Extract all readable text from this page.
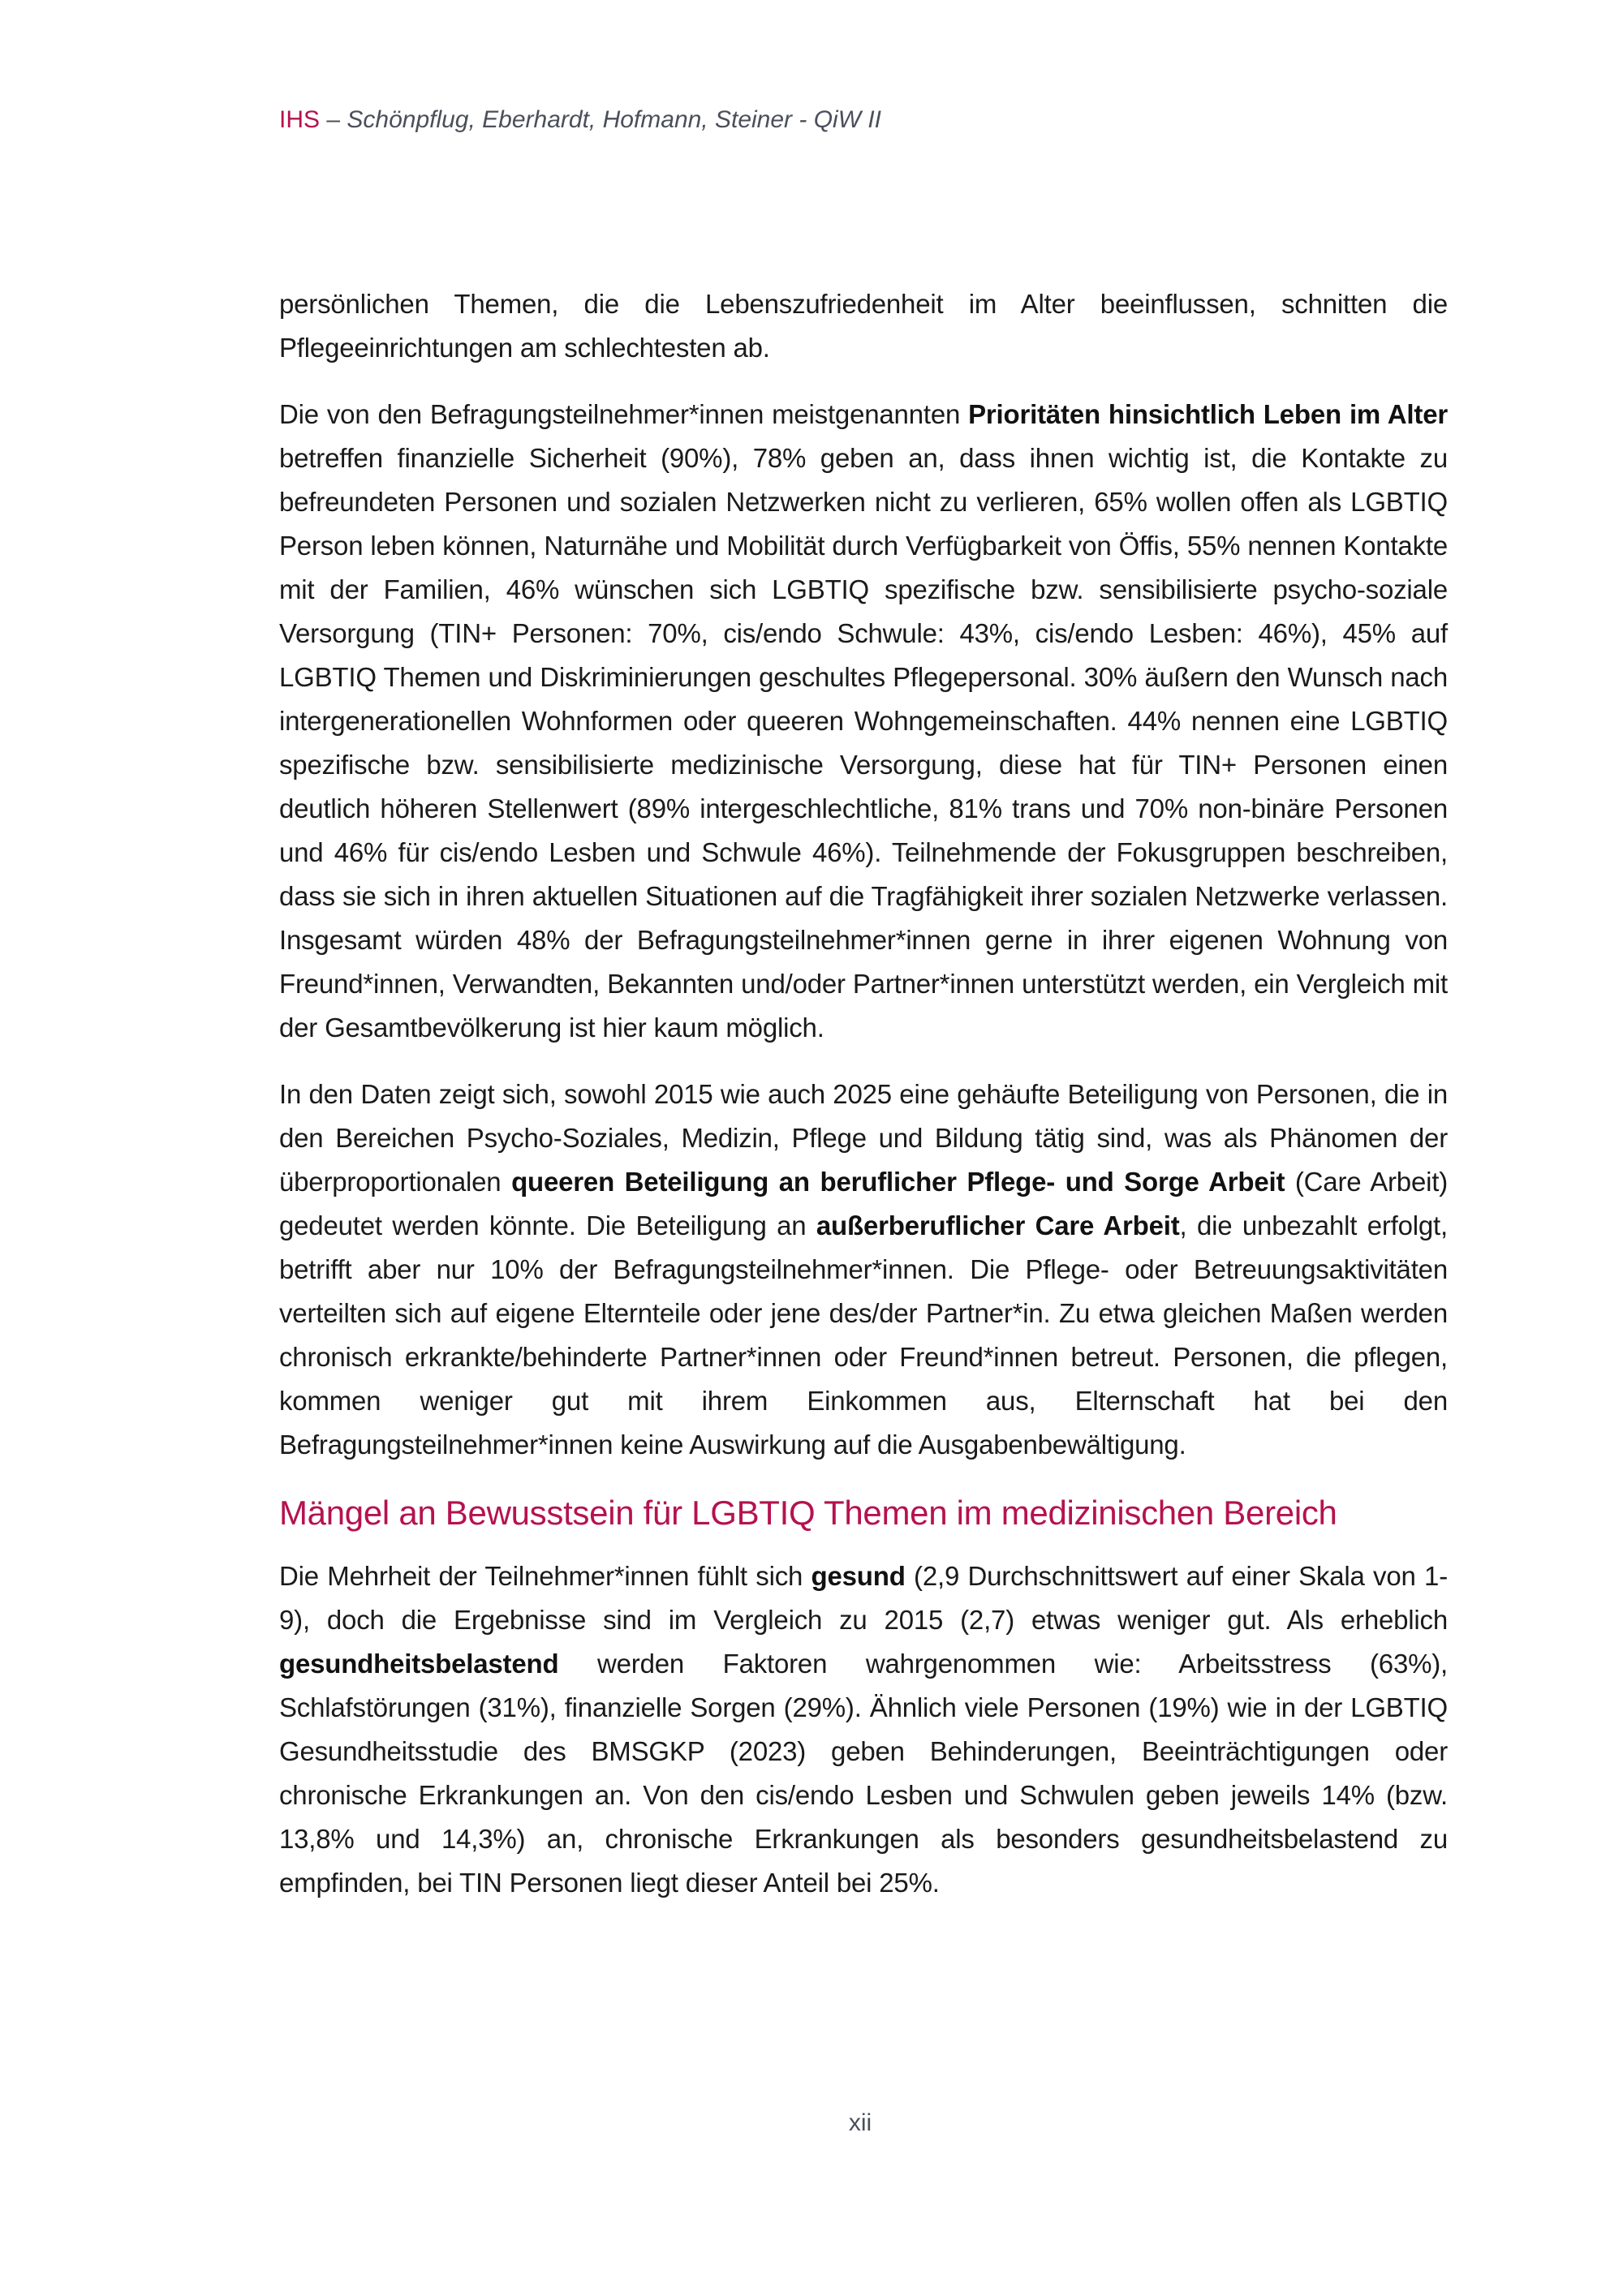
IHS – Schönpflug, Eberhardt, Hofmann, Steiner - QiW II

persönlichen Themen, die die Lebenszufriedenheit im Alter beeinflussen, schnitten die Pflegeeinrichtungen am schlechtesten ab.

Die von den Befragungsteilnehmer*innen meistgenannten Prioritäten hinsichtlich Leben im Alter betreffen finanzielle Sicherheit (90%), 78% geben an, dass ihnen wichtig ist, die Kontakte zu befreundeten Personen und sozialen Netzwerken nicht zu verlieren, 65% wollen offen als LGBTIQ Person leben können, Naturnähe und Mobilität durch Verfügbarkeit von Öffis, 55% nennen Kontakte mit der Familien, 46% wünschen sich LGBTIQ spezifische bzw. sensibilisierte psycho-soziale Versorgung (TIN+ Personen: 70%, cis/endo Schwule: 43%, cis/endo Lesben: 46%), 45% auf LGBTIQ Themen und Diskriminierungen geschultes Pflegepersonal. 30% äußern den Wunsch nach intergenerationellen Wohnformen oder queeren Wohngemeinschaften. 44% nennen eine LGBTIQ spezifische bzw. sensibilisierte medizinische Versorgung, diese hat für TIN+ Personen einen deutlich höheren Stellenwert (89% intergeschlechtliche, 81% trans und 70% non-binäre Personen und 46% für cis/endo Lesben und Schwule 46%). Teilnehmende der Fokusgruppen beschreiben, dass sie sich in ihren aktuellen Situationen auf die Tragfähigkeit ihrer sozialen Netzwerke verlassen. Insgesamt würden 48% der Befragungsteilnehmer*innen gerne in ihrer eigenen Wohnung von Freund*innen, Verwandten, Bekannten und/oder Partner*innen unterstützt werden, ein Vergleich mit der Gesamtbevölkerung ist hier kaum möglich.

In den Daten zeigt sich, sowohl 2015 wie auch 2025 eine gehäufte Beteiligung von Personen, die in den Bereichen Psycho-Soziales, Medizin, Pflege und Bildung tätig sind, was als Phänomen der überproportionalen queeren Beteiligung an beruflicher Pflege- und Sorge Arbeit (Care Arbeit) gedeutet werden könnte. Die Beteiligung an außerberuflicher Care Arbeit, die unbezahlt erfolgt, betrifft aber nur 10% der Befragungsteilnehmer*innen. Die Pflege- oder Betreuungsaktivitäten verteilten sich auf eigene Elternteile oder jene des/der Partner*in. Zu etwa gleichen Maßen werden chronisch erkrankte/behinderte Partner*innen oder Freund*innen betreut. Personen, die pflegen, kommen weniger gut mit ihrem Einkommen aus, Elternschaft hat bei den Befragungsteilnehmer*innen keine Auswirkung auf die Ausgabenbewältigung.

Mängel an Bewusstsein für LGBTIQ Themen im medizinischen Bereich

Die Mehrheit der Teilnehmer*innen fühlt sich gesund (2,9 Durchschnittswert auf einer Skala von 1-9), doch die Ergebnisse sind im Vergleich zu 2015 (2,7) etwas weniger gut. Als erheblich gesundheitsbelastend werden Faktoren wahrgenommen wie: Arbeitsstress (63%), Schlafstörungen (31%), finanzielle Sorgen (29%). Ähnlich viele Personen (19%) wie in der LGBTIQ Gesundheitsstudie des BMSGKP (2023) geben Behinderungen, Beeinträchtigungen oder chronische Erkrankungen an. Von den cis/endo Lesben und Schwulen geben jeweils 14% (bzw. 13,8% und 14,3%) an, chronische Erkrankungen als besonders gesundheitsbelastend zu empfinden, bei TIN Personen liegt dieser Anteil bei 25%.

xii
